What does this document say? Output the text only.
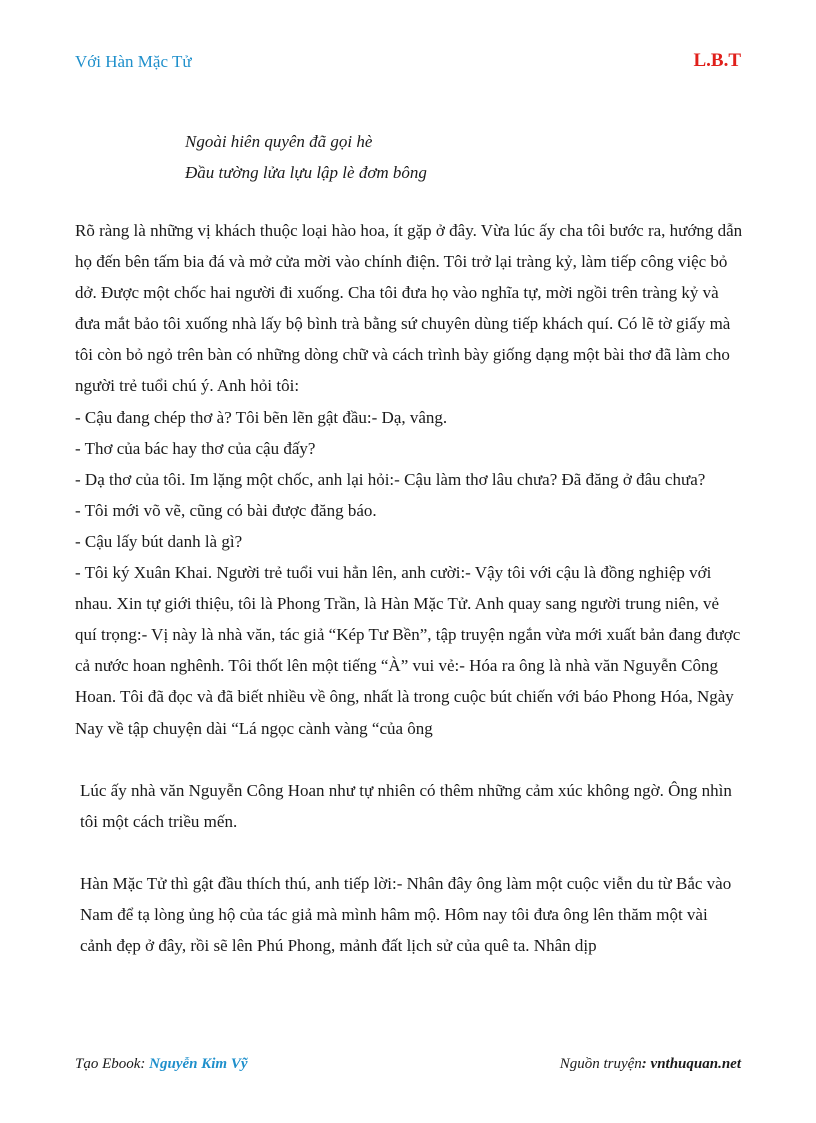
Với Hàn Mặc Tử	L.B.T
Ngoài hiên quyên đã gọi hè
Đầu tường lửa lựu lập lè đơm bông

Rõ ràng là những vị khách thuộc loại hào hoa, ít gặp ở đây. Vừa lúc ấy cha tôi bước ra, hướng dẫn họ đến bên tấm bia đá và mở cửa mời vào chính điện. Tôi trở lại tràng kỷ, làm tiếp công việc bỏ dở. Được một chốc hai người đi xuống. Cha tôi đưa họ vào nghĩa tự, mời ngồi trên tràng kỷ và đưa mắt bảo tôi xuống nhà lấy bộ bình trà bằng sứ chuyên dùng tiếp khách quí. Có lẽ tờ giấy mà tôi còn bỏ ngỏ trên bàn có những dòng chữ và cách trình bày giống dạng một bài thơ đã làm cho người trẻ tuổi chú ý. Anh hỏi tôi:

- Cậu đang chép thơ à? Tôi bẽn lẽn gật đầu:- Dạ, vâng.

- Thơ của bác hay thơ của cậu đấy?

- Dạ thơ của tôi. Im lặng một chốc, anh lại hỏi:- Cậu làm thơ lâu chưa? Đã đăng ở đâu chưa?

- Tôi mới võ vẽ, cũng có bài được đăng báo.

- Cậu lấy bút danh là gì?

- Tôi ký Xuân Khai. Người trẻ tuổi vui hẳn lên, anh cười:- Vậy tôi với cậu là đồng nghiệp với nhau. Xin tự giới thiệu, tôi là Phong Trần, là Hàn Mặc Tử. Anh quay sang người trung niên, vẻ quí trọng:- Vị này là nhà văn, tác giả “Kép Tư Bền”, tập truyện ngắn vừa mới xuất bản đang được cả nước hoan nghênh. Tôi thốt lên một tiếng “À” vui vẻ:- Hóa ra ông là nhà văn Nguyễn Công Hoan. Tôi đã đọc và đã biết nhiều về ông, nhất là trong cuộc bút chiến với báo Phong Hóa, Ngày Nay về tập chuyện dài “Lá ngọc cành vàng “của ông

Lúc ấy nhà văn Nguyễn Công Hoan như tự nhiên có thêm những cảm xúc không ngờ. Ông nhìn tôi một cách triều mến.

Hàn Mặc Tử thì gật đầu thích thú, anh tiếp lời:- Nhân đây ông làm một cuộc viễn du từ Bắc vào Nam để tạ lòng ủng hộ của tác giả mà mình hâm mộ. Hôm nay tôi đưa ông lên thăm một vài cảnh đẹp ở đây, rồi sẽ lên Phú Phong, mảnh đất lịch sử của quê ta. Nhân dịp

Tạo Ebook: Nguyễn Kim Vỹ	Nguồn truyện: vnthuquan.net
